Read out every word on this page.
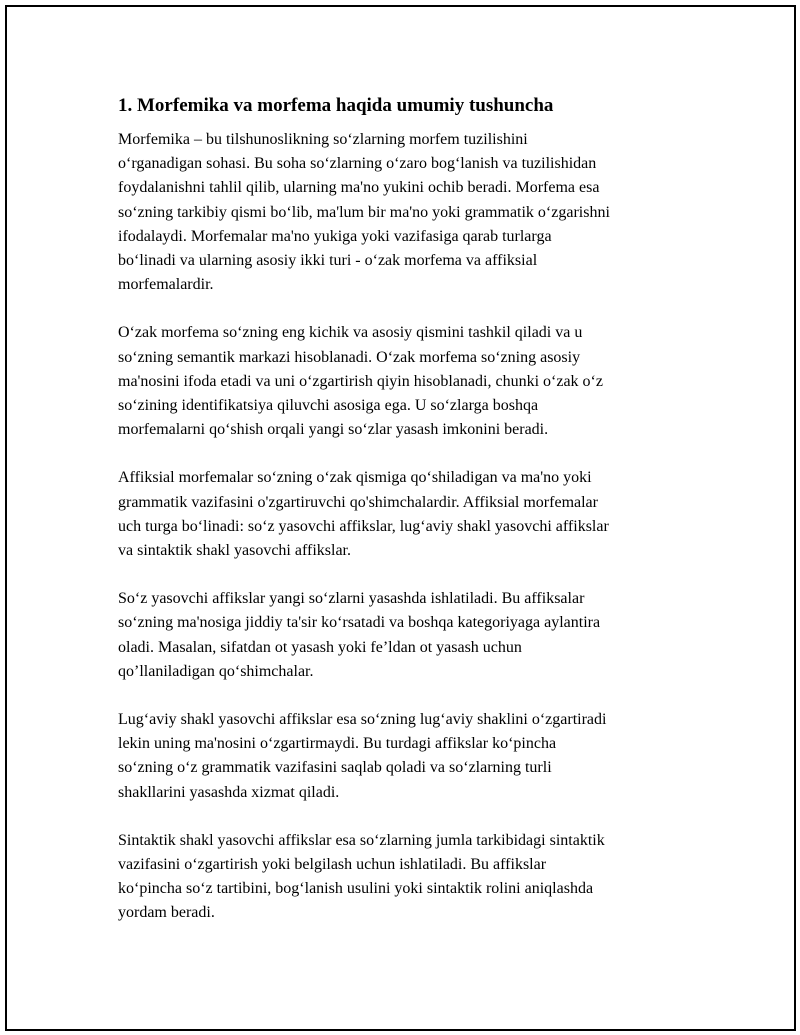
1. Morfemika va morfema haqida umumiy tushuncha

Morfemika – bu tilshunoslikning so‘zlarning morfem tuzilishini
o‘rganadigan sohasi. Bu soha so‘zlarning o‘zaro bog‘lanish va tuzilishidan
foydalanishni tahlil qilib, ularning ma'no yukini ochib beradi. Morfema esa
so‘zning tarkibiy qismi bo‘lib, ma'lum bir ma'no yoki grammatik o‘zgarishni
ifodalaydi. Morfemalar ma'no yukiga yoki vazifasiga qarab turlarga
bo‘linadi va ularning asosiy ikki turi - o‘zak morfema va affiksial
morfemalardir.

O‘zak morfema so‘zning eng kichik va asosiy qismini tashkil qiladi va u
so‘zning semantik markazi hisoblanadi. O‘zak morfema so‘zning asosiy
ma'nosini ifoda etadi va uni o‘zgartirish qiyin hisoblanadi, chunki o‘zak o‘z
so‘zining identifikatsiya qiluvchi asosiga ega. U so‘zlarga boshqa
morfemalarni qo‘shish orqali yangi so‘zlar yasash imkonini beradi.

Affiksial morfemalar so‘zning o‘zak qismiga qo‘shiladigan va ma'no yoki
grammatik vazifasini o'zgartiruvchi qo'shimchalardir. Affiksial morfemalar
uch turga bo‘linadi: so‘z yasovchi affikslar, lug‘aviy shakl yasovchi affikslar
va sintaktik shakl yasovchi affikslar.

So‘z yasovchi affikslar yangi so‘zlarni yasashda ishlatiladi. Bu affiksalar
so‘zning ma'nosiga jiddiy ta'sir ko‘rsatadi va boshqa kategoriyaga aylantira
oladi. Masalan, sifatdan ot yasash yoki fe’ldan ot yasash uchun
qo’llaniladigan qo‘shimchalar.

Lug‘aviy shakl yasovchi affikslar esa so‘zning lug‘aviy shaklini o‘zgartiradi
lekin uning ma'nosini o‘zgartirmaydi. Bu turdagi affikslar ko‘pincha
so‘zning o‘z grammatik vazifasini saqlab qoladi va so‘zlarning turli
shakllarini yasashda xizmat qiladi.

Sintaktik shakl yasovchi affikslar esa so‘zlarning jumla tarkibidagi sintaktik
vazifasini o‘zgartirish yoki belgilash uchun ishlatiladi. Bu affikslar
ko‘pincha so‘z tartibini, bog‘lanish usulini yoki sintaktik rolini aniqlashda
yordam beradi.
